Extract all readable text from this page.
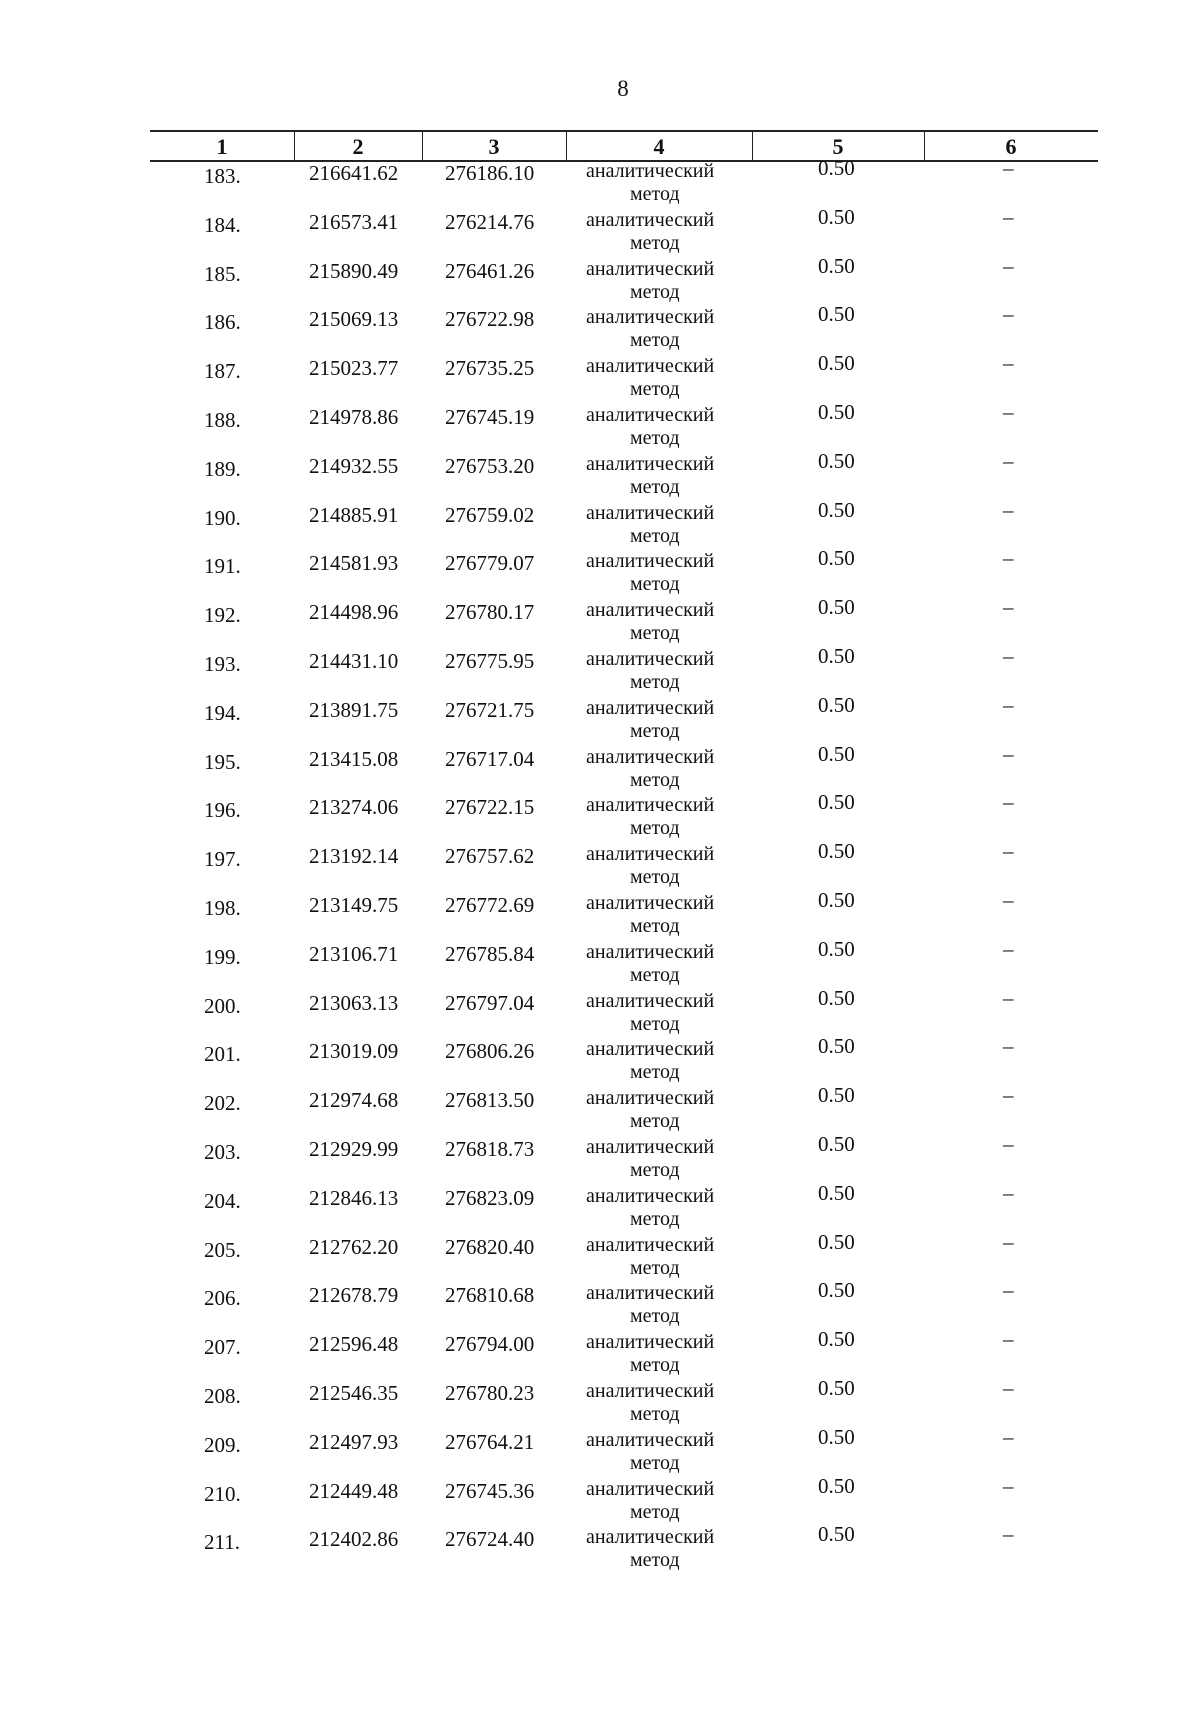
8
1	2	3	4	5	6
183.	216641.62 276186.10	аналитический
метод
0.50	–
184.	216573.41 276214.76	аналитический
метод
0.50	–
185.	215890.49 276461.26	аналитический
метод
0.50	–
186.	215069.13 276722.98	аналитический
метод
0.50	–
187.	215023.77 276735.25	аналитический
метод
0.50	–
188.	214978.86 276745.19	аналитический
метод
0.50	–
189.	214932.55 276753.20	аналитический
метод
0.50	–
190.	214885.91 276759.02	аналитический
метод
0.50	–
191.	214581.93 276779.07	аналитический
метод
0.50	–
192.	214498.96 276780.17	аналитический
метод
0.50	–
193.	214431.10 276775.95	аналитический
метод
0.50	–
194.	213891.75 276721.75	аналитический
метод
0.50	–
195.	213415.08 276717.04	аналитический
метод
0.50	–
196.	213274.06 276722.15	аналитический
метод
0.50	–
197.	213192.14 276757.62	аналитический
метод
0.50	–
198.	213149.75 276772.69	аналитический
метод
0.50	–
199.	213106.71 276785.84	аналитический
метод
0.50	–
200.	213063.13 276797.04	аналитический
метод
0.50	–
201.	213019.09 276806.26	аналитический
метод
0.50	–
202.	212974.68 276813.50	аналитический
метод
0.50	–
203.	212929.99 276818.73	аналитический
метод
0.50	–
204.	212846.13 276823.09	аналитический
метод
0.50	–
205.	212762.20 276820.40	аналитический
метод
0.50	–
206.	212678.79 276810.68	аналитический
метод
0.50	–
207.	212596.48 276794.00	аналитический
метод
0.50	–
208.	212546.35 276780.23	аналитический
метод
0.50	–
209.	212497.93 276764.21	аналитический
метод
0.50	–
210.	212449.48 276745.36	аналитический
метод
0.50	–
211.	212402.86 276724.40	аналитический
метод
0.50	–
